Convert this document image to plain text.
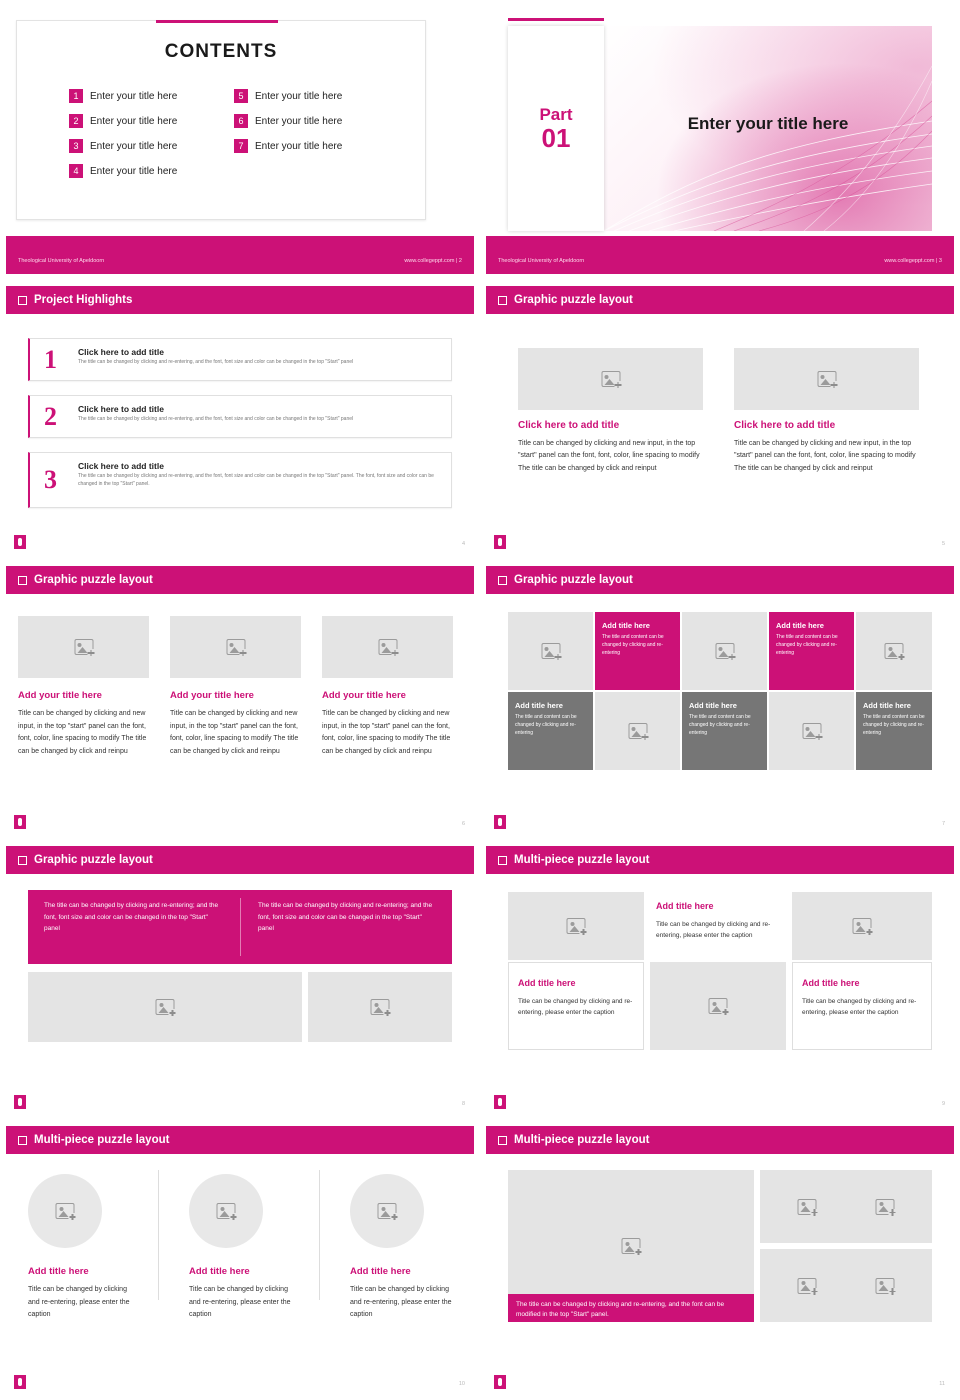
CONTENTS
1	Enter your title here	5	Enter your title here
2	Enter your title here	6	Enter your title here
3	Enter your title here	7	Enter your title here
4	Enter your title here
Theological University of Apeldoorn	www.collegeppt.com | 2
Enter your title here
Part
01
Theological University of Apeldoorn	www.collegeppt.com | 3
Project Highlights
1 Click here to add title
The title can be changed by clicking and re-entering, and the font, font size and color can be changed in the top "Start" panel
2 Click here to add title
The title can be changed by clicking and re-entering, and the font, font size and color can be changed in the top "Start" panel
3 Click here to add title
The title can be changed by clicking and re-entering, and the font, font size and color can be changed in the top "Start" panel. The font, font size and color can be changed in the top "Start" panel.
4
Graphic puzzle layout
Click here to add title
Title can be changed by clicking and new input, in the top "start" panel can the font, font, color, line spacing to modify The title can be changed by click and reinput
Click here to add title
Title can be changed by clicking and new input, in the top "start" panel can the font, font, color, line spacing to modify The title can be changed by click and reinput
5
Graphic puzzle layout
Add your title here
Title can be changed by clicking and new input, in the top "start" panel can the font, font, color, line spacing to modify The title can be changed by click and reinpu
Add your title here
Title can be changed by clicking and new input, in the top "start" panel can the font, font, color, line spacing to modify The title can be changed by click and reinpu
Add your title here
Title can be changed by clicking and new input, in the top "start" panel can the font, font, color, line spacing to modify The title can be changed by click and reinpu
6
Graphic puzzle layout
Add title here
The title and content can be changed by clicking and re-entering
Add title here
The title and content can be changed by clicking and re-entering
Add title here
The title and content can be changed by clicking and re-entering
Add title here
The title and content can be changed by clicking and re-entering
Add title here
The title and content can be changed by clicking and re-entering
7
Graphic puzzle layout
The title can be changed by clicking and re-entering; and the font, font size and color can be changed in the top "Start" panel
The title can be changed by clicking and re-entering; and the font, font size and color can be changed in the top "Start" panel
8
Multi-piece puzzle layout
Add title here
Title can be changed by clicking and re-entering, please enter the caption
Add title here
Title can be changed by clicking and re-entering, please enter the caption
Add title here
Title can be changed by clicking and re-entering, please enter the caption
9
Multi-piece puzzle layout
Add title here
Title can be changed by clicking and re-entering, please enter the caption
Add title here
Title can be changed by clicking and re-entering, please enter the caption
Add title here
Title can be changed by clicking and re-entering, please enter the caption
10
Multi-piece puzzle layout
The title can be changed by clicking and re-entering, and the font can be modified in the top "Start" panel.
11
